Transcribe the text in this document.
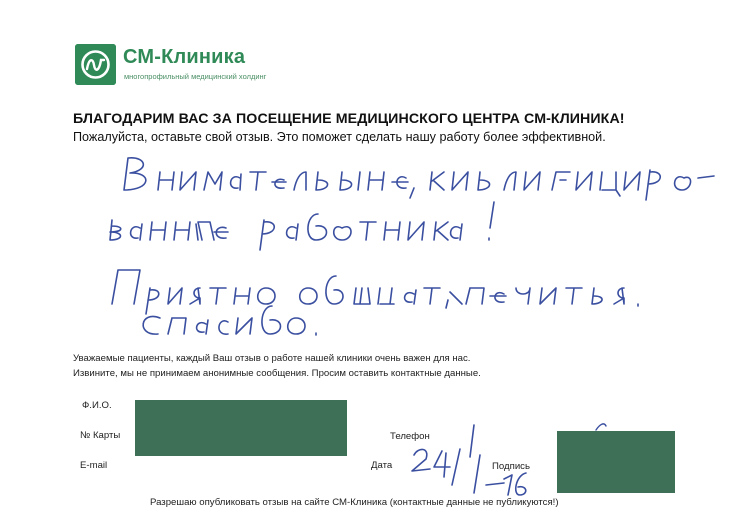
СМ-Клиника
многопрофильный медицинский холдинг
БЛАГОДАРИМ ВАС ЗА ПОСЕЩЕНИЕ МЕДИЦИНСКОГО ЦЕНТРА СМ-КЛИНИКА!
Пожалуйста, оставьте свой отзыв. Это поможет сделать нашу работу более эффективной.
Уважаемые пациенты, каждый Ваш отзыв о работе нашей клиники очень важен для нас.
Извините, мы не принимаем анонимные сообщения. Просим оставить контактные данные.
Ф.И.О.
№ Карты
E-mail
Телефон
Дата	Подпись
Разрешаю опубликовать отзыв на сайте СМ-Клиника (контактные данные не публикуются!)
